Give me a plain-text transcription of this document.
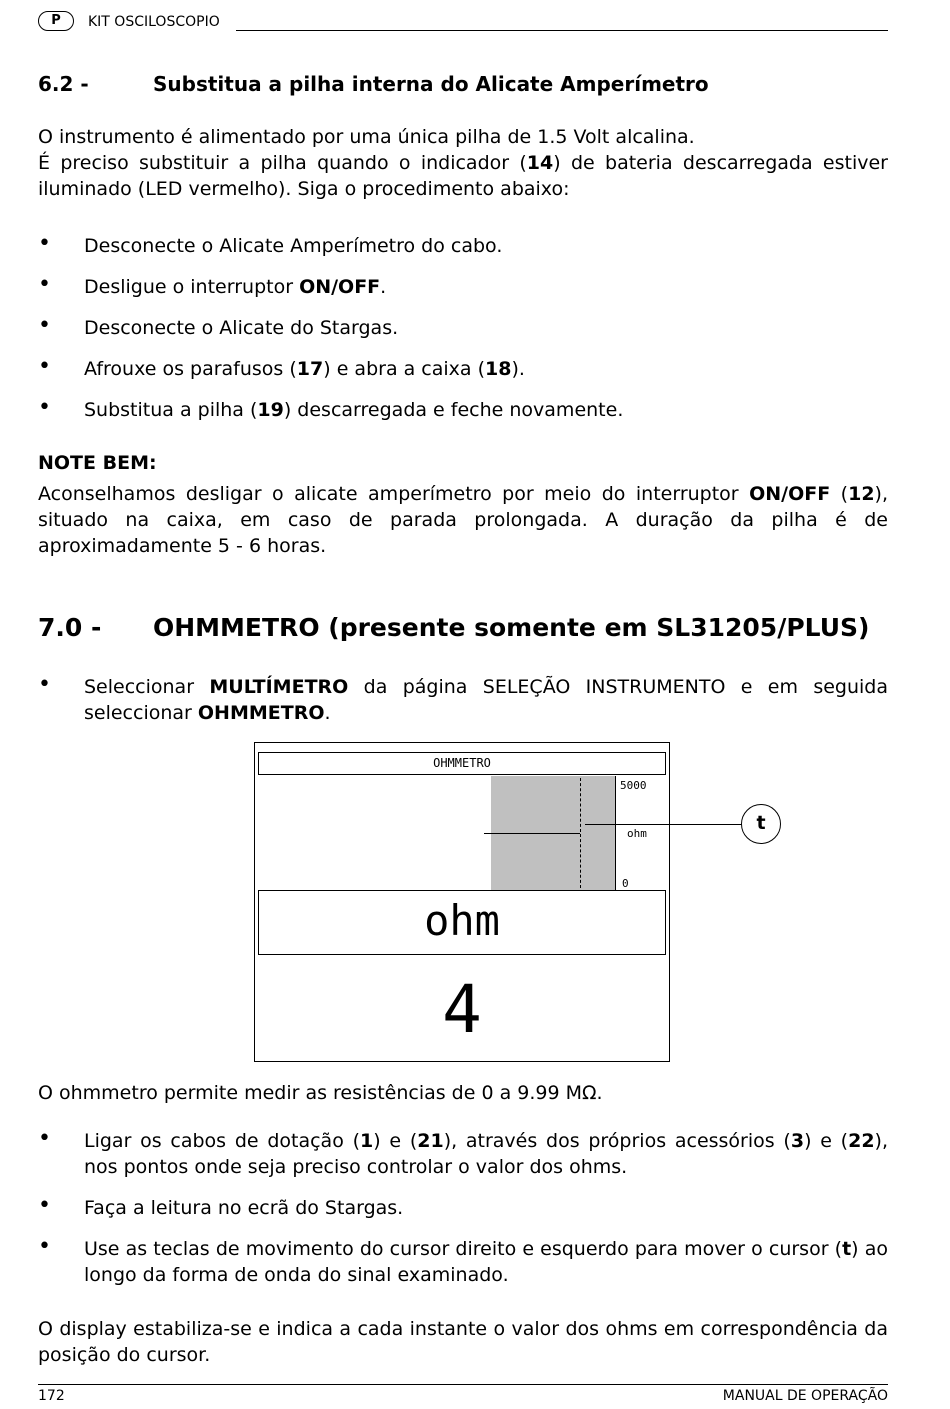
P	KIT OSCILOSCOPIO
6.2 -	Substitua a pilha interna do Alicate Amperímetro
O instrumento é alimentado por uma única pilha de 1.5 Volt alcalina.
É preciso substituir a pilha quando o indicador (14) de bateria descarregada estiver iluminado (LED vermelho). Siga o procedimento abaixo:
• Desconecte o Alicate Amperímetro do cabo.
• Desligue o interruptor ON/OFF.
• Desconecte o Alicate do Stargas.
• Afrouxe os parafusos (17) e abra a caixa (18).
• Substitua a pilha (19) descarregada e feche novamente.
NOTE BEM:
Aconselhamos desligar o alicate amperímetro por meio do interruptor ON/OFF (12), situado na caixa, em caso de parada prolongada. A duração da pilha é de aproximadamente 5 - 6 horas.
7.0 - OHMMETRO (presente somente em SL31205/PLUS)
• Seleccionar MULTÍMETRO da página SELEÇÃO INSTRUMENTO e em seguida seleccionar OHMMETRO.
OHMMETRO
5000
ohm
0
ohm
4
t
O ohmmetro permite medir as resistências de 0 a 9.99 MΩ.
• Ligar os cabos de dotação (1) e (21), através dos próprios acessórios (3) e (22), nos pontos onde seja preciso controlar o valor dos ohms.
• Faça a leitura no ecrã do Stargas.
• Use as teclas de movimento do cursor direito e esquerdo para mover o cursor (t) ao longo da forma de onda do sinal examinado.
O display estabiliza-se e indica a cada instante o valor dos ohms em correspondência da posição do cursor.
172	MANUAL DE OPERAÇÃO
